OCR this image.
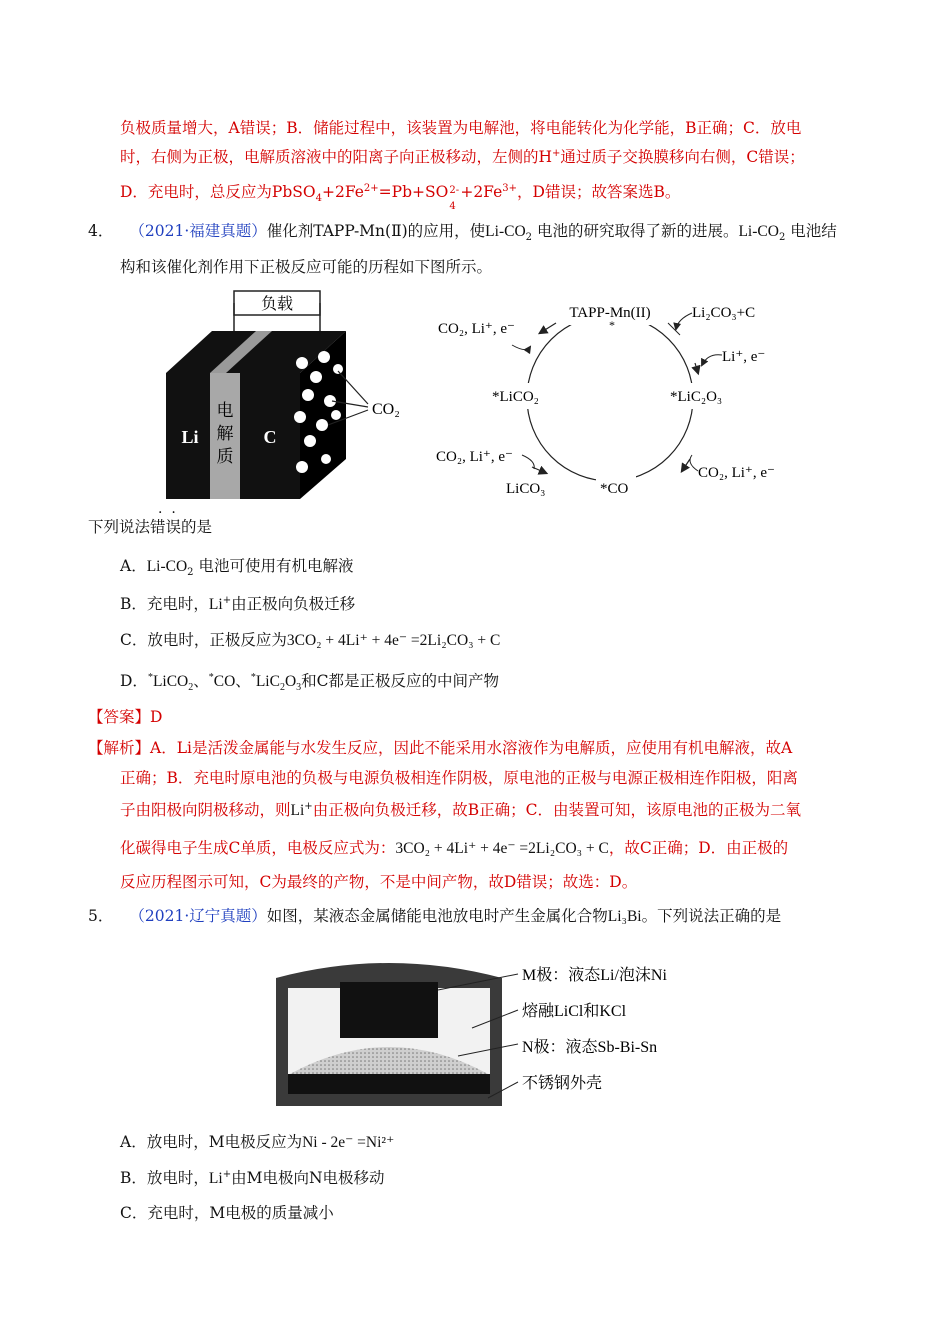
负极质量增大，A错误；B．储能过程中，该装置为电解池，将电能转化为化学能，B正确；C．放电
时，右侧为正极，电解质溶液中的阳离子向正极移动，左侧的H+通过质子交换膜移向右侧，C错误；
D．充电时，总反应为$PbSO_4+2Fe^{2+}=Pb+SO$ 2-
4
$+2Fe^{3+}$，D错误；故答案选B。
4． （2021·福建真题）催化剂TAPP-Mn(Ⅱ)的应用，使$Li-CO_2$ 电池的研究取得了新的进展。$Li-CO_2$ 电池结
构和该催化剂作用下正极反应可能的历程如下图所示。
负载
Li	C
电
解
质
CO₂
TAPP-Mn(II)
*
CO₂, Li⁺, e⁻
Li₂CO₃+C
Li⁺, e⁻
*LiCO₂	*LiC₂O₃
CO₂, Li⁺, e⁻
LiCO₃	*CO
CO₂, Li⁺, e⁻
下列说法错误的是
·  ·
A．$Li-CO_2$ 电池可使用有机电解液
B．充电时，Li+由正极向负极迁移
C．放电时，正极反应为3CO₂ + 4Li⁺ + 4e⁻ =2Li₂CO₃ + C
D．*LiCO$_2$、*CO、$^*LiC_2O_3$和C都是正极反应的中间产物
【答案】D
【解析】A．Li是活泼金属能与水发生反应，因此不能采用水溶液作为电解质，应使用有机电解液，故A
正确；B．充电时原电池的负极与电源负极相连作阴极，原电池的正极与电源正极相连作阳极，阳离
子由阳极向阴极移动，则Li+由正极向负极迁移，故B正确；C．由装置可知，该原电池的正极为二氧
化碳得电子生成C单质，电极反应式为：3CO₂ + 4Li⁺ + 4e⁻ =2Li₂CO₃ + C，故C正确；D．由正极的
反应历程图示可知，C为最终的产物，不是中间产物，故D错误；故选：D。
5． （2021·辽宁真题）如图，某液态金属储能电池放电时产生金属化合物Li₃Bi。下列说法正确的是
M极：液态Li/泡沫Ni
熔融LiCl和KCl
N极：液态Sb-Bi-Sn
不锈钢外壳
A．放电时，M电极反应为Ni - 2e⁻ =Ni²⁺
B．放电时，Li+由M电极向N电极移动
C．充电时，M电极的质量减小
